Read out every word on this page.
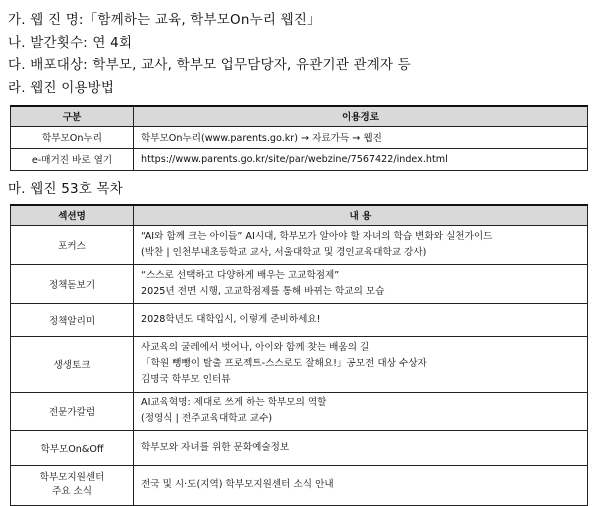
가. 웹 진 명:「함께하는 교육, 학부모On누리 웹진」
나. 발간횟수: 연 4회
다. 배포대상: 학부모, 교사, 학부모 업무담당자, 유관기관 관계자 등
라. 웹진 이용방법
구분	이용경로
학부모On누리	학부모On누리(www.parents.go.kr) → 자료가득 → 웹진
e-매거진 바로 열기	https://www.parents.go.kr/site/par/webzine/7567422/index.html
마. 웹진 53호 목차
섹션명	내 용
포커스	“AI와 함께 크는 아이들” AI시대, 학부모가 알아야 할 자녀의 학습 변화와 실천가이드
(박찬 | 인천부내초등학교 교사, 서울대학교 및 경인교육대학교 강사)

정책돋보기	“스스로 선택하고 다양하게 배우는 고교학점제”
2025년 전면 시행, 고교학점제를 통해 바뀌는 학교의 모습

정책알리미	2028학년도 대학입시, 이렇게 준비하세요!

생생토크	사교육의 굴레에서 벗어나, 아이와 함께 찾는 배움의 길
「학원 뺑뺑이 탈출 프로젝트-스스로도 잘해요!」공모전 대상 수상자
김명국 학부모 인터뷰

전문가칼럼	AI교육혁명: 제대로 쓰게 하는 학부모의 역할
(정영식 | 전주교육대학교 교수)

학부모On&Off	학부모와 자녀를 위한 문화예술정보

학부모지원센터
주요 소식	전국 및 시·도(지역) 학부모지원센터 소식 안내
